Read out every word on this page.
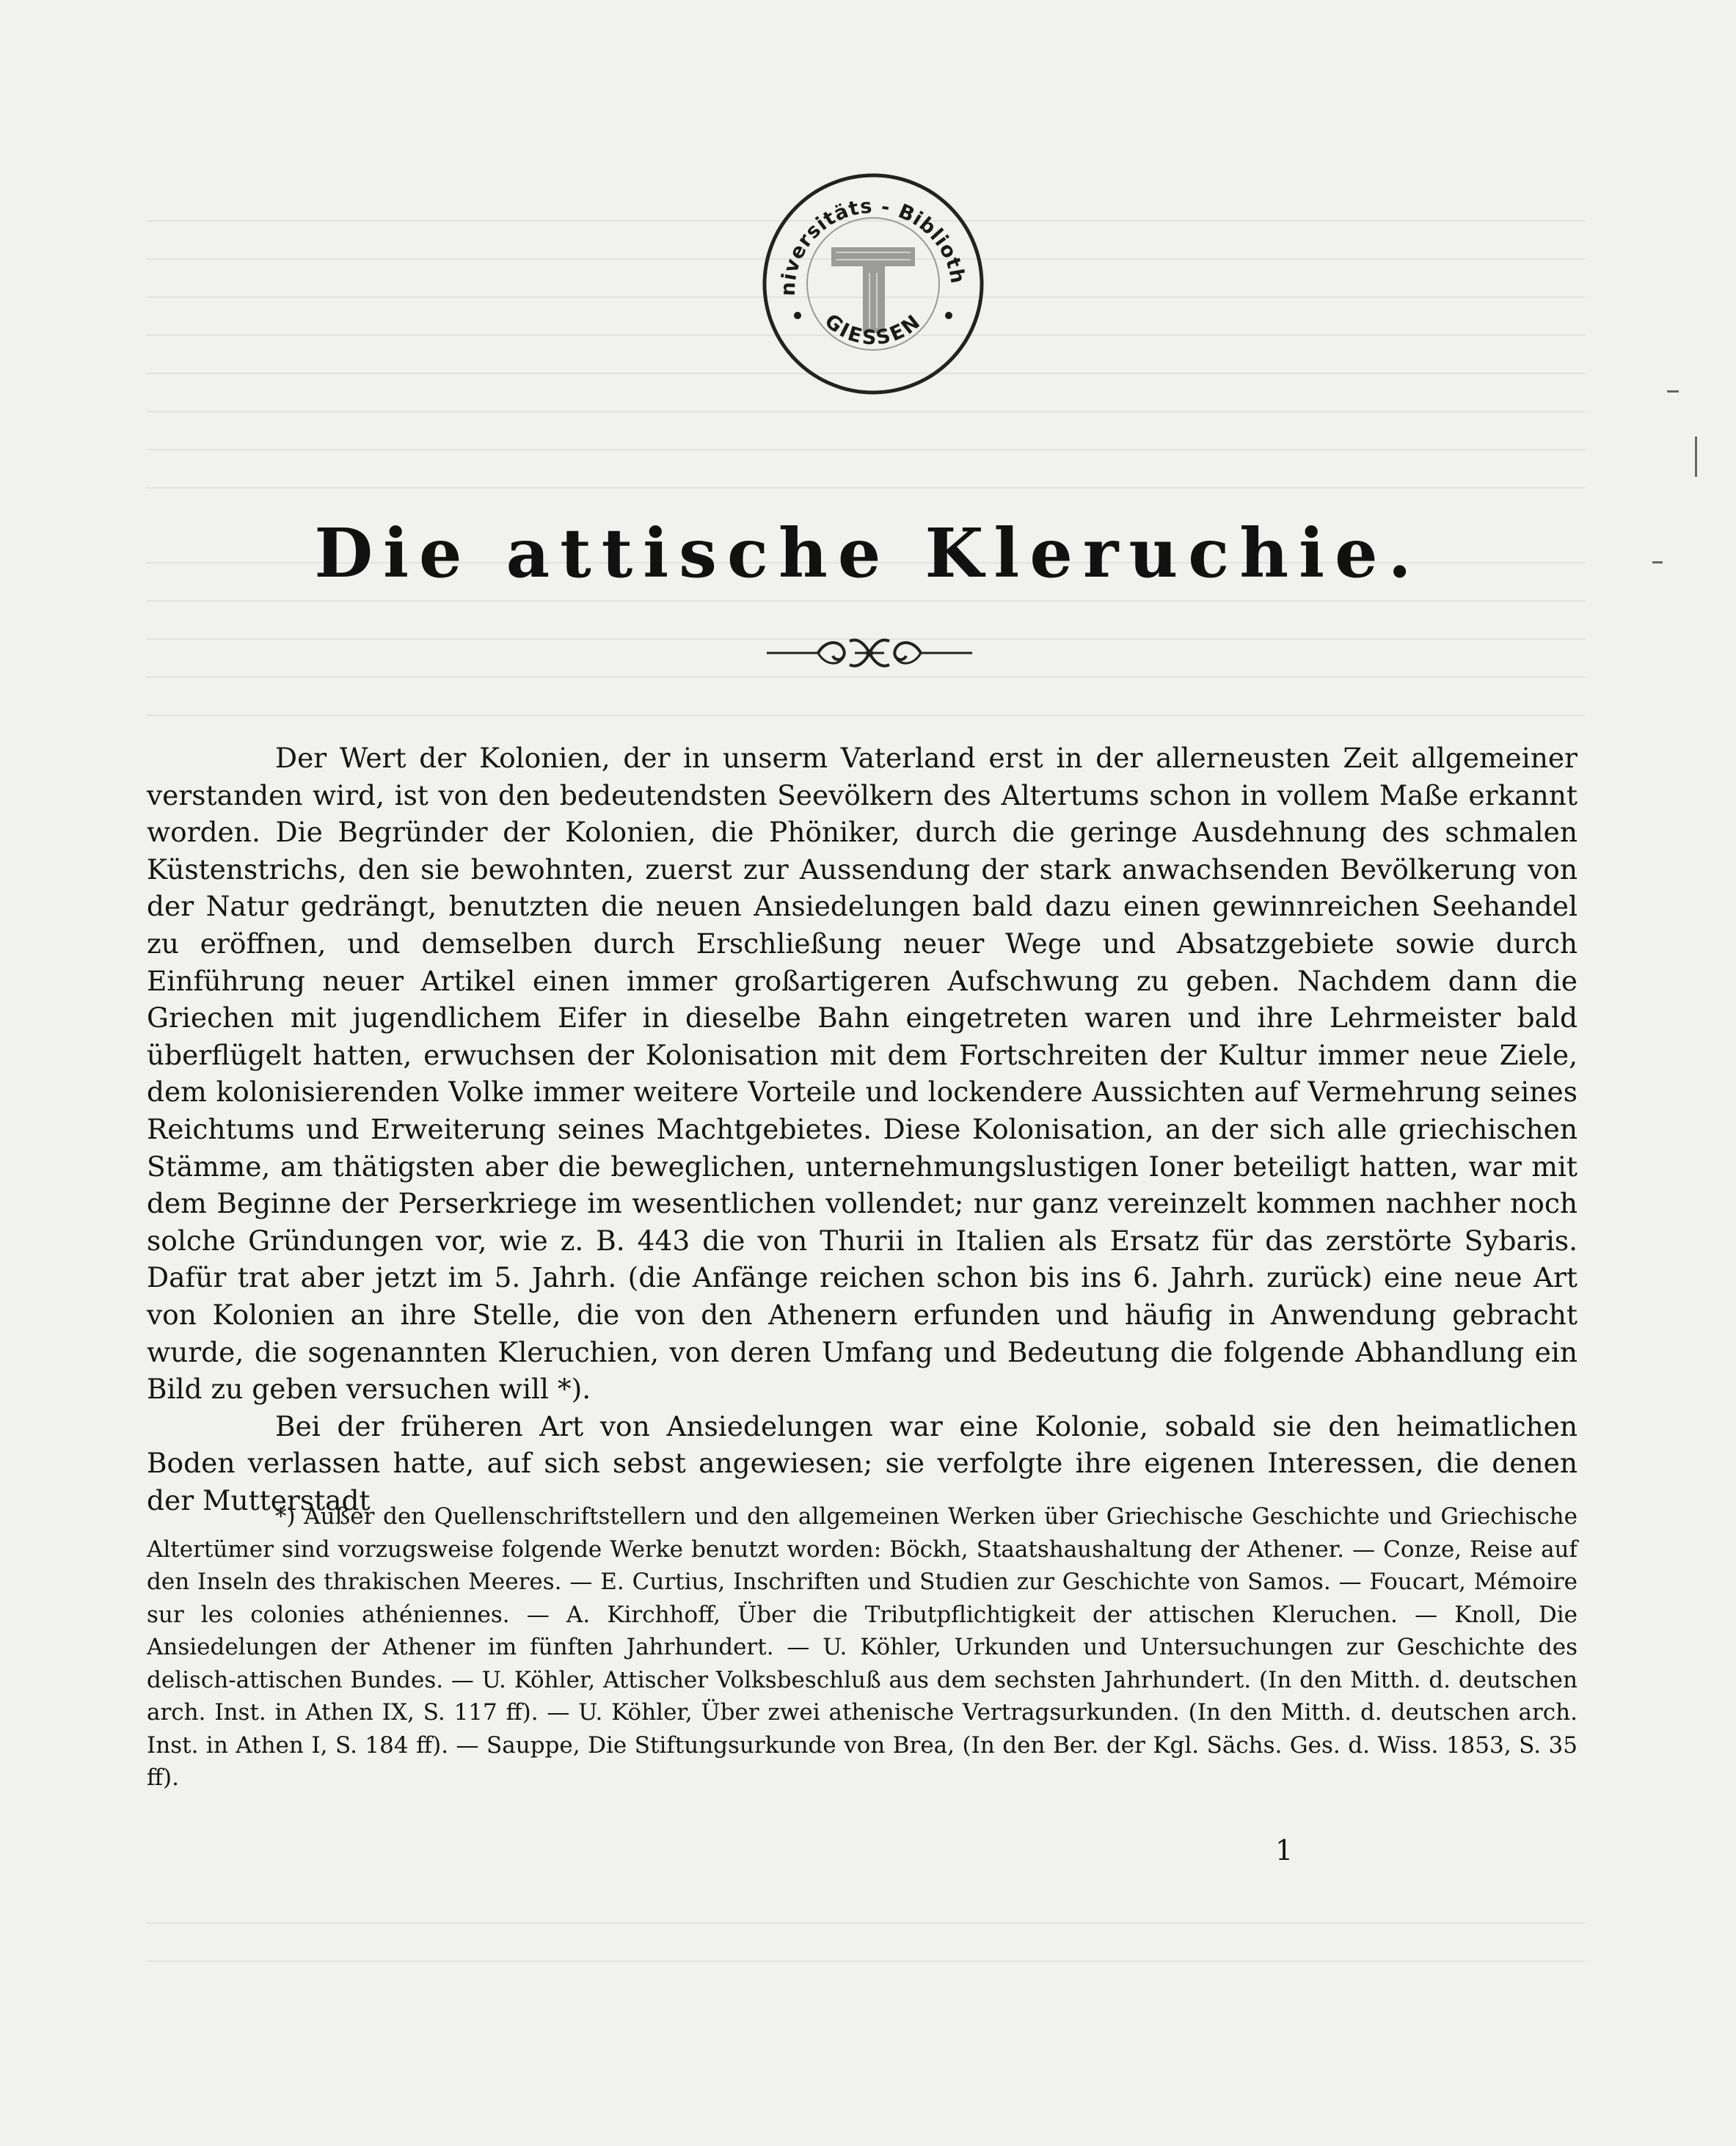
niversitäts - Biblioth
GIESSEN
Die attische Kleruchie.

Der Wert der Kolonien, der in unserm Vaterland erst in der allerneusten Zeit allgemeiner verstanden wird, ist von den bedeutendsten Seevölkern des Altertums schon in vollem Maße erkannt worden. Die Begründer der Kolonien, die Phöniker, durch die geringe Ausdehnung des schmalen Küstenstrichs, den sie bewohnten, zuerst zur Aussendung der stark anwachsenden Bevölkerung von der Natur gedrängt, benutzten die neuen Ansiedelungen bald dazu einen gewinnreichen Seehandel zu eröffnen, und demselben durch Erschließung neuer Wege und Absatzgebiete sowie durch Einführung neuer Artikel einen immer großartigeren Aufschwung zu geben. Nachdem dann die Griechen mit jugendlichem Eifer in dieselbe Bahn eingetreten waren und ihre Lehrmeister bald überflügelt hatten, erwuchsen der Kolonisation mit dem Fortschreiten der Kultur immer neue Ziele, dem kolonisierenden Volke immer weitere Vorteile und lockendere Aussichten auf Vermehrung seines Reichtums und Erweiterung seines Machtgebietes. Diese Kolonisation, an der sich alle griechischen Stämme, am thätigsten aber die beweglichen, unternehmungslustigen Ioner beteiligt hatten, war mit dem Beginne der Perserkriege im wesentlichen vollendet; nur ganz vereinzelt kommen nachher noch solche Gründungen vor, wie z. B. 443 die von Thurii in Italien als Ersatz für das zerstörte Sybaris. Dafür trat aber jetzt im 5. Jahrh. (die Anfänge reichen schon bis ins 6. Jahrh. zurück) eine neue Art von Kolonien an ihre Stelle, die von den Athenern erfunden und häufig in Anwendung gebracht wurde, die sogenannten Kleruchien, von deren Umfang und Bedeutung die folgende Abhandlung ein Bild zu geben versuchen will *).

Bei der früheren Art von Ansiedelungen war eine Kolonie, sobald sie den heimatlichen Boden verlassen hatte, auf sich sebst angewiesen; sie verfolgte ihre eigenen Interessen, die denen der Mutterstadt

*) Außer den Quellenschriftstellern und den allgemeinen Werken über Griechische Geschichte und Griechische Altertümer sind vorzugsweise folgende Werke benutzt worden: Böckh, Staatshaushaltung der Athener. — Conze, Reise auf den Inseln des thrakischen Meeres. — E. Curtius, Inschriften und Studien zur Geschichte von Samos. — Foucart, Mémoire sur les colonies athéniennes. — A. Kirchhoff, Über die Tributpflichtigkeit der attischen Kleruchen. — Knoll, Die Ansiedelungen der Athener im fünften Jahrhundert. — U. Köhler, Urkunden und Untersuchungen zur Geschichte des delisch-attischen Bundes. — U. Köhler, Attischer Volksbeschluß aus dem sechsten Jahrhundert. (In den Mitth. d. deutschen arch. Inst. in Athen IX, S. 117 ff). — U. Köhler, Über zwei athenische Vertragsurkunden. (In den Mitth. d. deutschen arch. Inst. in Athen I, S. 184 ff). — Sauppe, Die Stiftungsurkunde von Brea, (In den Ber. der Kgl. Sächs. Ges. d. Wiss. 1853, S. 35 ff).

1
